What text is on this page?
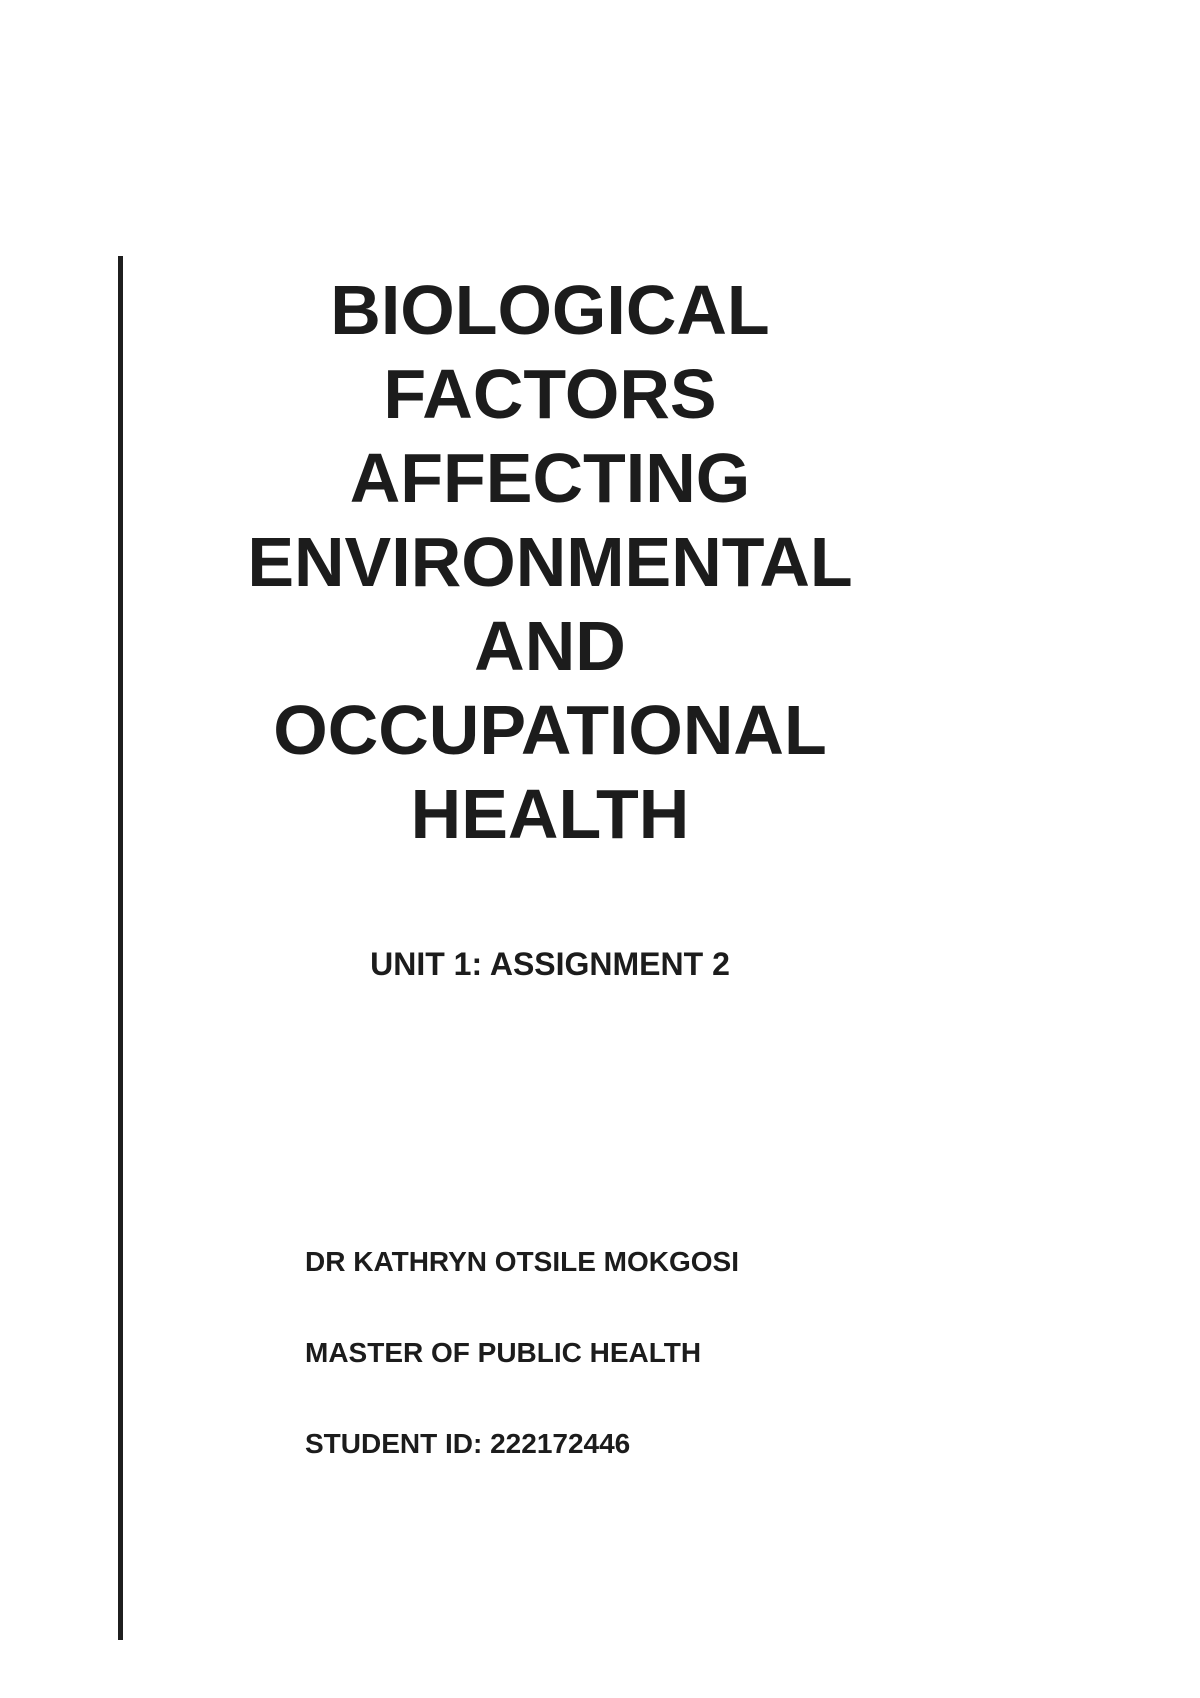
BIOLOGICAL
FACTORS
AFFECTING
ENVIRONMENTAL
AND
OCCUPATIONAL
HEALTH
UNIT 1: ASSIGNMENT 2
DR KATHRYN OTSILE MOKGOSI
MASTER OF PUBLIC HEALTH
STUDENT ID: 222172446
